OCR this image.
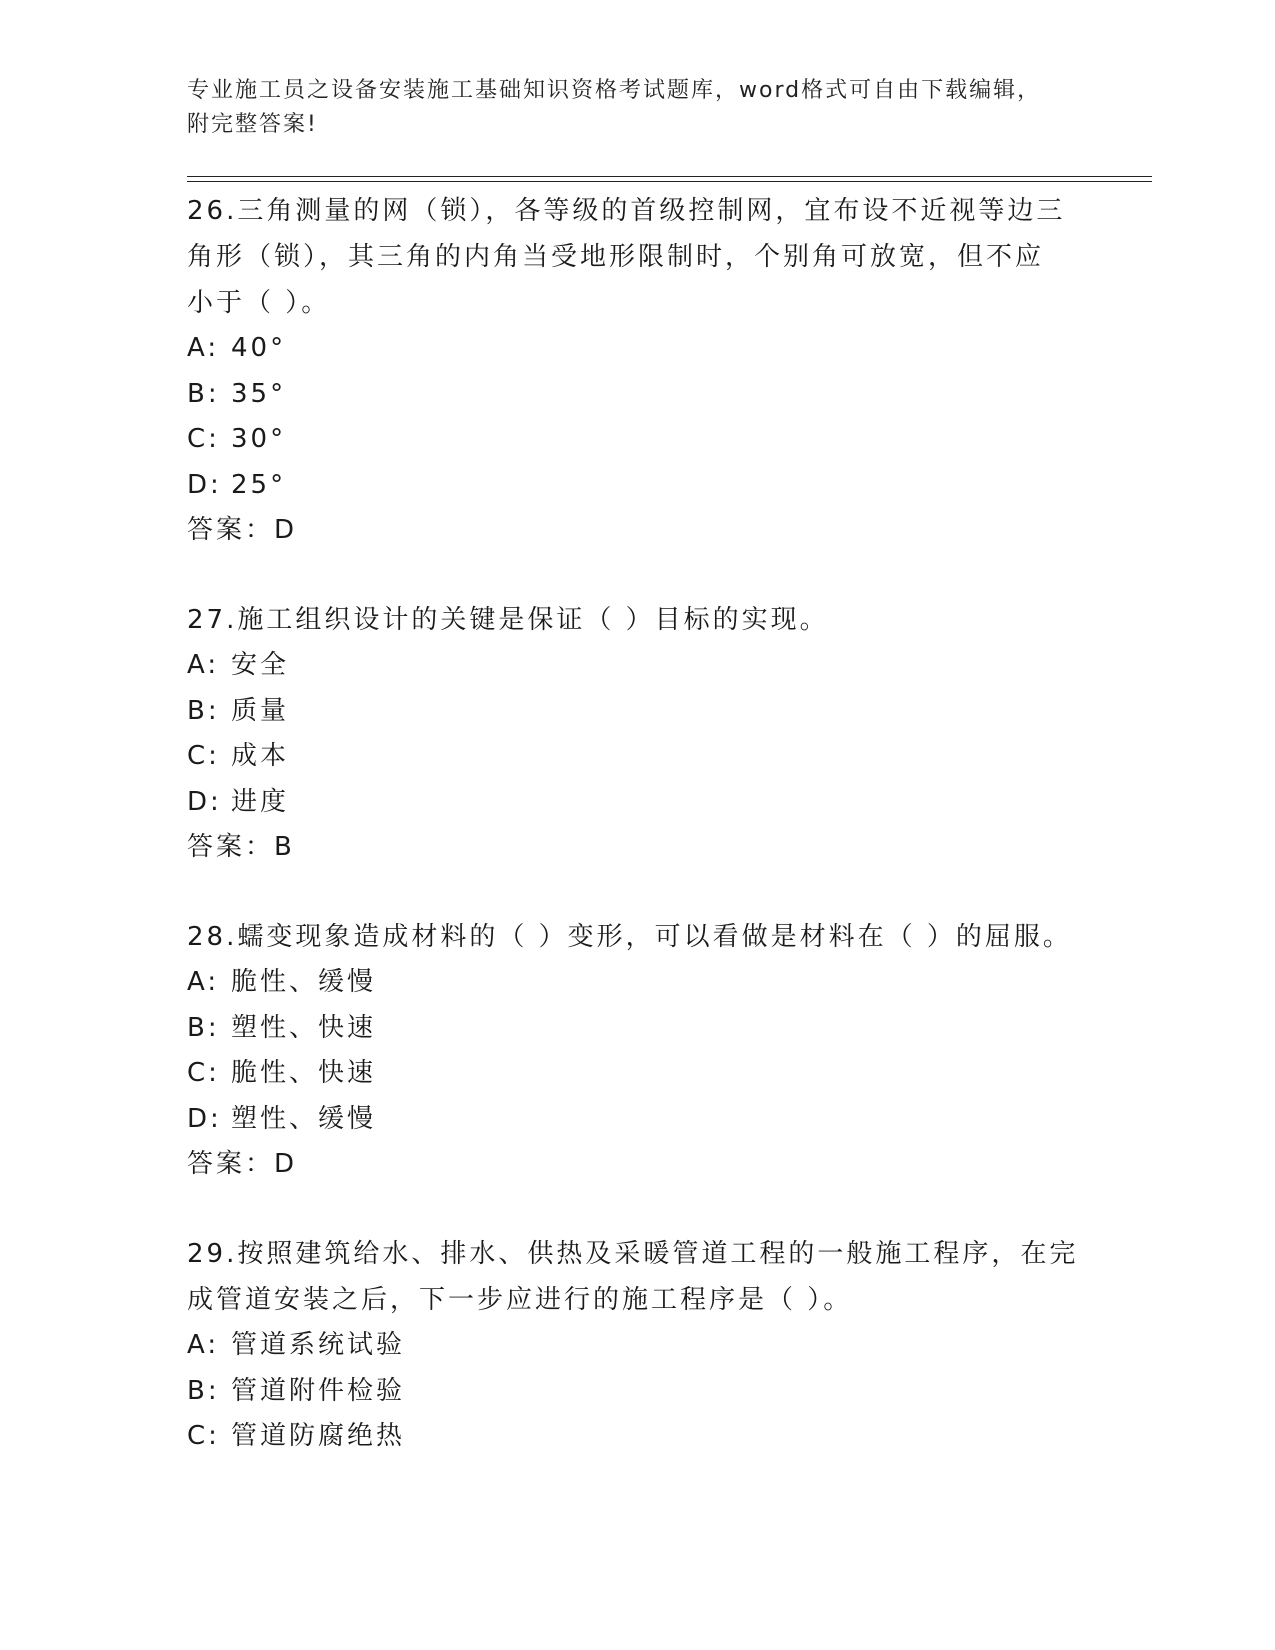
专业施工员之设备安装施工基础知识资格考试题库，word格式可自由下载编辑，
附完整答案!
26.三角测量的网（锁），各等级的首级控制网，宜布设不近视等边三
角形（锁），其三角的内角当受地形限制时，个别角可放宽，但不应
小于（ ）。
A: 40°
B: 35°
C: 30°
D: 25°
答案：D
27.施工组织设计的关键是保证（ ）目标的实现。
A: 安全
B: 质量
C: 成本
D: 进度
答案：B
28.蠕变现象造成材料的（ ）变形，可以看做是材料在（ ）的屈服。
A: 脆性、缓慢
B: 塑性、快速
C: 脆性、快速
D: 塑性、缓慢
答案：D
29.按照建筑给水、排水、供热及采暖管道工程的一般施工程序，在完
成管道安装之后，下一步应进行的施工程序是（ ）。
A: 管道系统试验
B: 管道附件检验
C: 管道防腐绝热
